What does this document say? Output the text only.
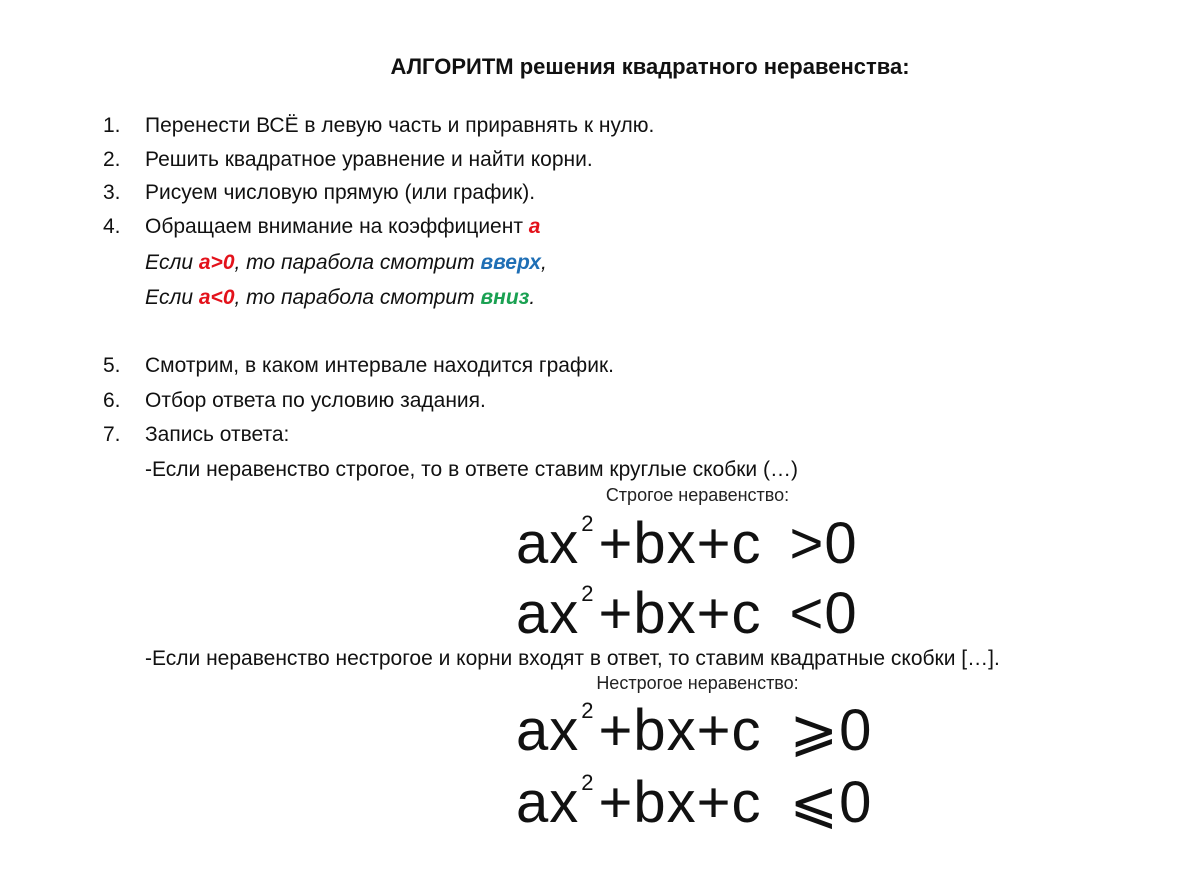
АЛГОРИТМ решения квадратного неравенства:
1. Перенести ВСЁ в левую часть и приравнять к нулю.
2. Решить квадратное уравнение и найти корни.
3. Рисуем числовую прямую (или график).
4. Обращаем внимание на коэффициент a
Если a>0, то парабола смотрит вверх,
Если a<0, то парабола смотрит вниз.
5. Смотрим, в каком интервале находится график.
6. Отбор ответа по условию задания.
7. Запись ответа:
-Если неравенство строгое, то в ответе ставим круглые скобки (…)
Строгое неравенство:
$ax^2+bx+c >0$
$ax^2+bx+c <0$
-Если неравенство нестрогое и корни входят в ответ, то ставим квадратные скобки […].
Нестрогое неравенство:
$ax^2+bx+c$ ⩾0
$ax^2+bx+c$ ⩽0
